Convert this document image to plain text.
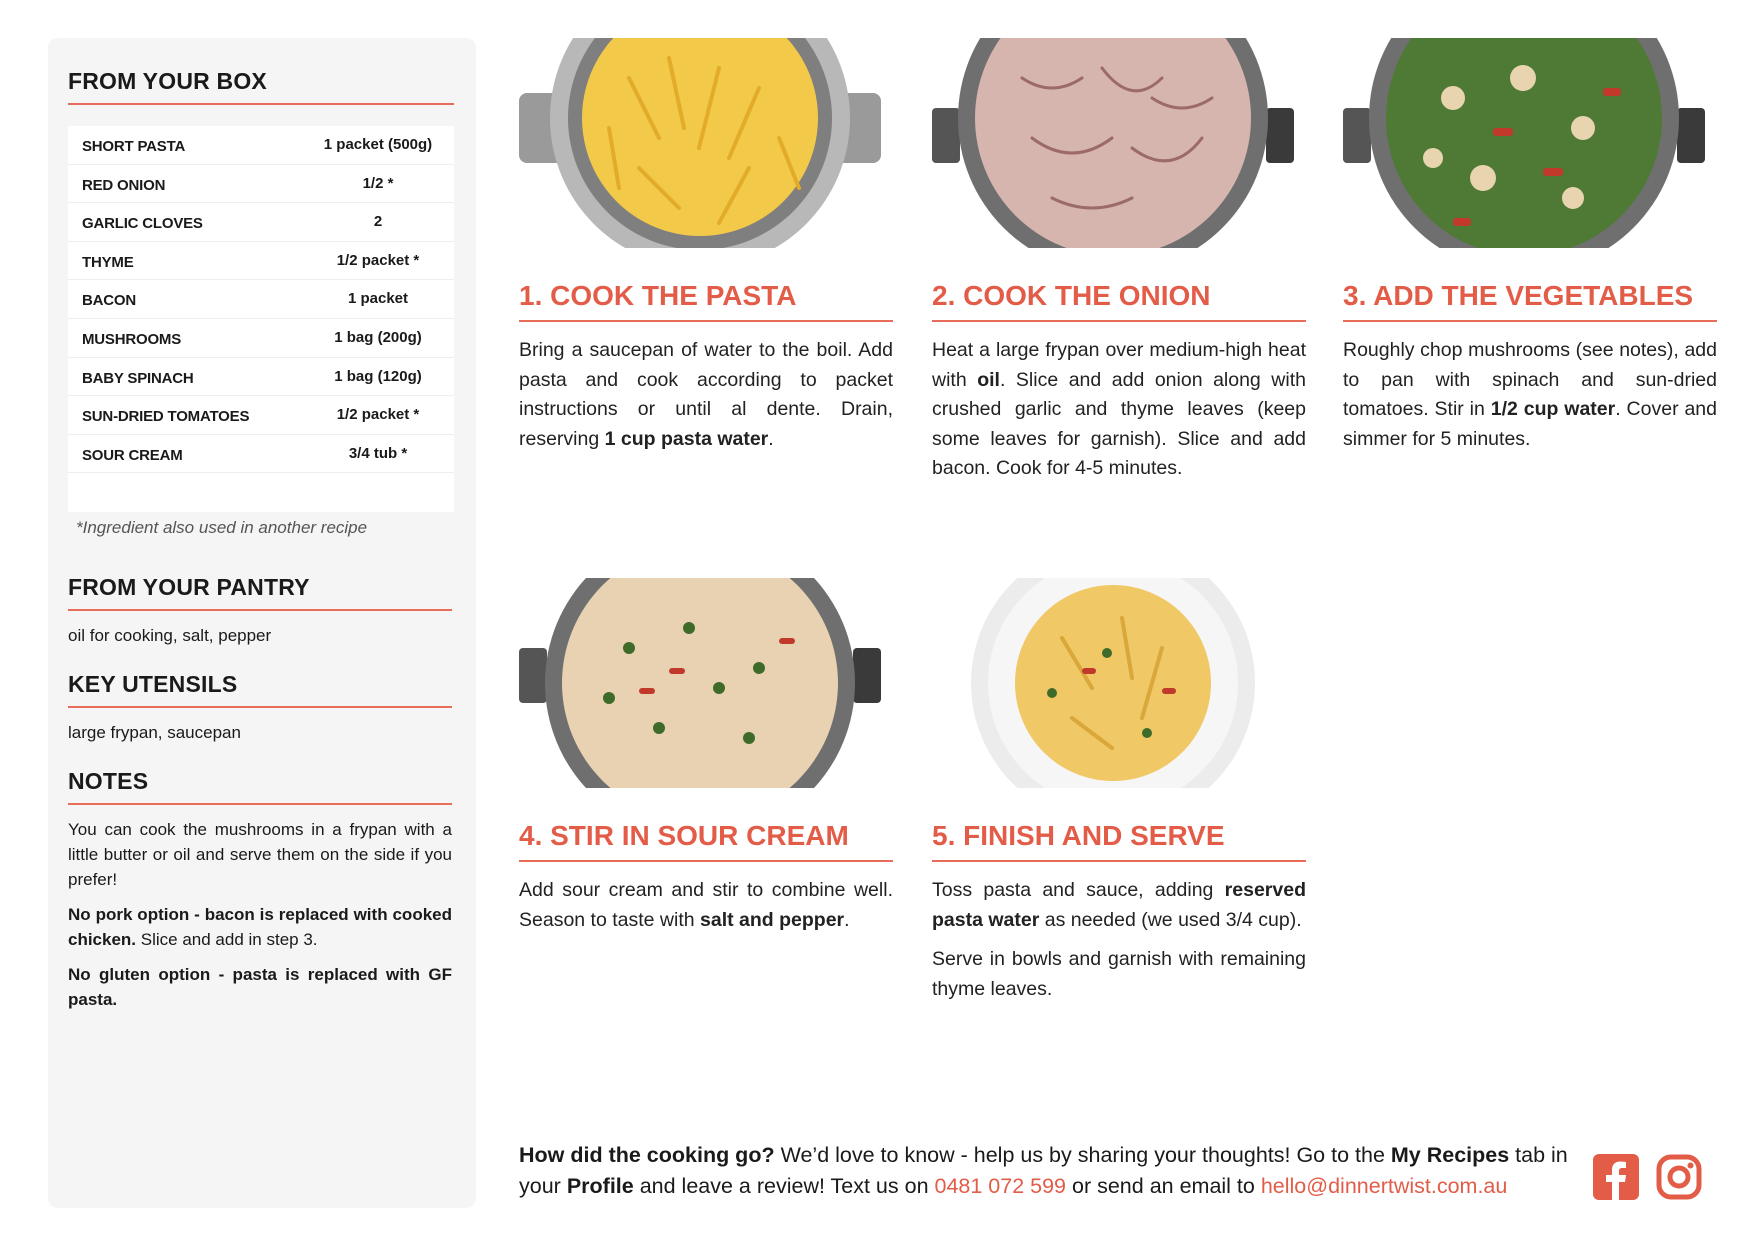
FROM YOUR BOX
SHORT PASTA	1 packet (500g)
RED ONION	1/2 *
GARLIC CLOVES	2
THYME	1/2 packet *
BACON	1 packet
MUSHROOMS	1 bag (200g)
BABY SPINACH	1 bag (120g)
SUN-DRIED TOMATOES	1/2 packet *
SOUR CREAM	3/4 tub *
*Ingredient also used in another recipe
FROM YOUR PANTRY
oil for cooking, salt, pepper
KEY UTENSILS
large frypan, saucepan
NOTES
You can cook the mushrooms in a frypan with a little butter or oil and serve them on the side if you prefer!
No pork option - bacon is replaced with cooked chicken. Slice and add in step 3.
No gluten option - pasta is replaced with GF pasta.
1. COOK THE PASTA
Bring a saucepan of water to the boil. Add pasta and cook according to packet instructions or until al dente. Drain, reserving 1 cup pasta water.
2. COOK THE ONION
Heat a large frypan over medium-high heat with oil. Slice and add onion along with crushed garlic and thyme leaves (keep some leaves for garnish). Slice and add bacon. Cook for 4-5 minutes.
3. ADD THE VEGETABLES
Roughly chop mushrooms (see notes), add to pan with spinach and sun-dried tomatoes. Stir in 1/2 cup water. Cover and simmer for 5 minutes.
4. STIR IN SOUR CREAM
Add sour cream and stir to combine well. Season to taste with salt and pepper.
5. FINISH AND SERVE
Toss pasta and sauce, adding reserved pasta water as needed (we used 3/4 cup).
Serve in bowls and garnish with remaining thyme leaves.
How did the cooking go? We’d love to know - help us by sharing your thoughts! Go to the My Recipes tab in your Profile and leave a review! Text us on 0481 072 599 or send an email to hello@dinnertwist.com.au
